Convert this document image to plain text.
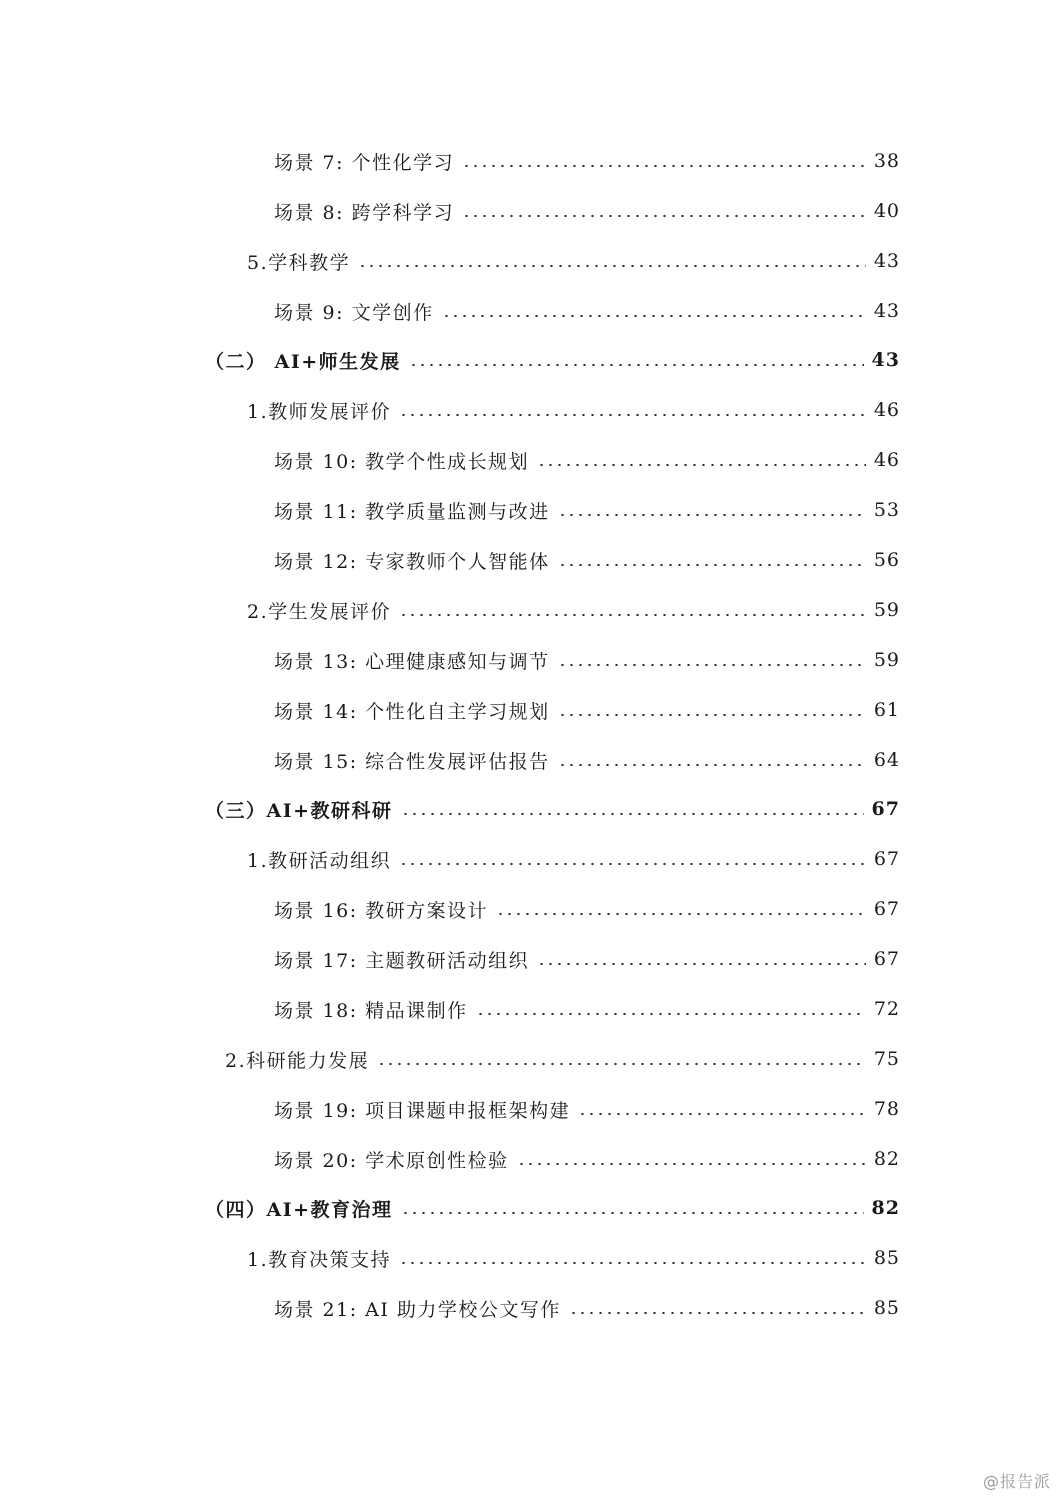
场景 7: 个性化学习	38
场景 8: 跨学科学习	40
5.学科教学	43
场景 9: 文学创作	43
（二） AI+师生发展	43
1.教师发展评价	46
场景 10: 教学个性成长规划	46
场景 11: 教学质量监测与改进	53
场景 12: 专家教师个人智能体	56
2.学生发展评价	59
场景 13: 心理健康感知与调节	59
场景 14: 个性化自主学习规划	61
场景 15: 综合性发展评估报告	64
（三）AI+教研科研	67
1.教研活动组织	67
场景 16: 教研方案设计	67
场景 17: 主题教研活动组织	67
场景 18: 精品课制作	72
2.科研能力发展	75
场景 19: 项目课题申报框架构建	78
场景 20: 学术原创性检验	82
（四）AI+教育治理	82
1.教育决策支持	85
场景 21: AI 助力学校公文写作	85
@报告派
